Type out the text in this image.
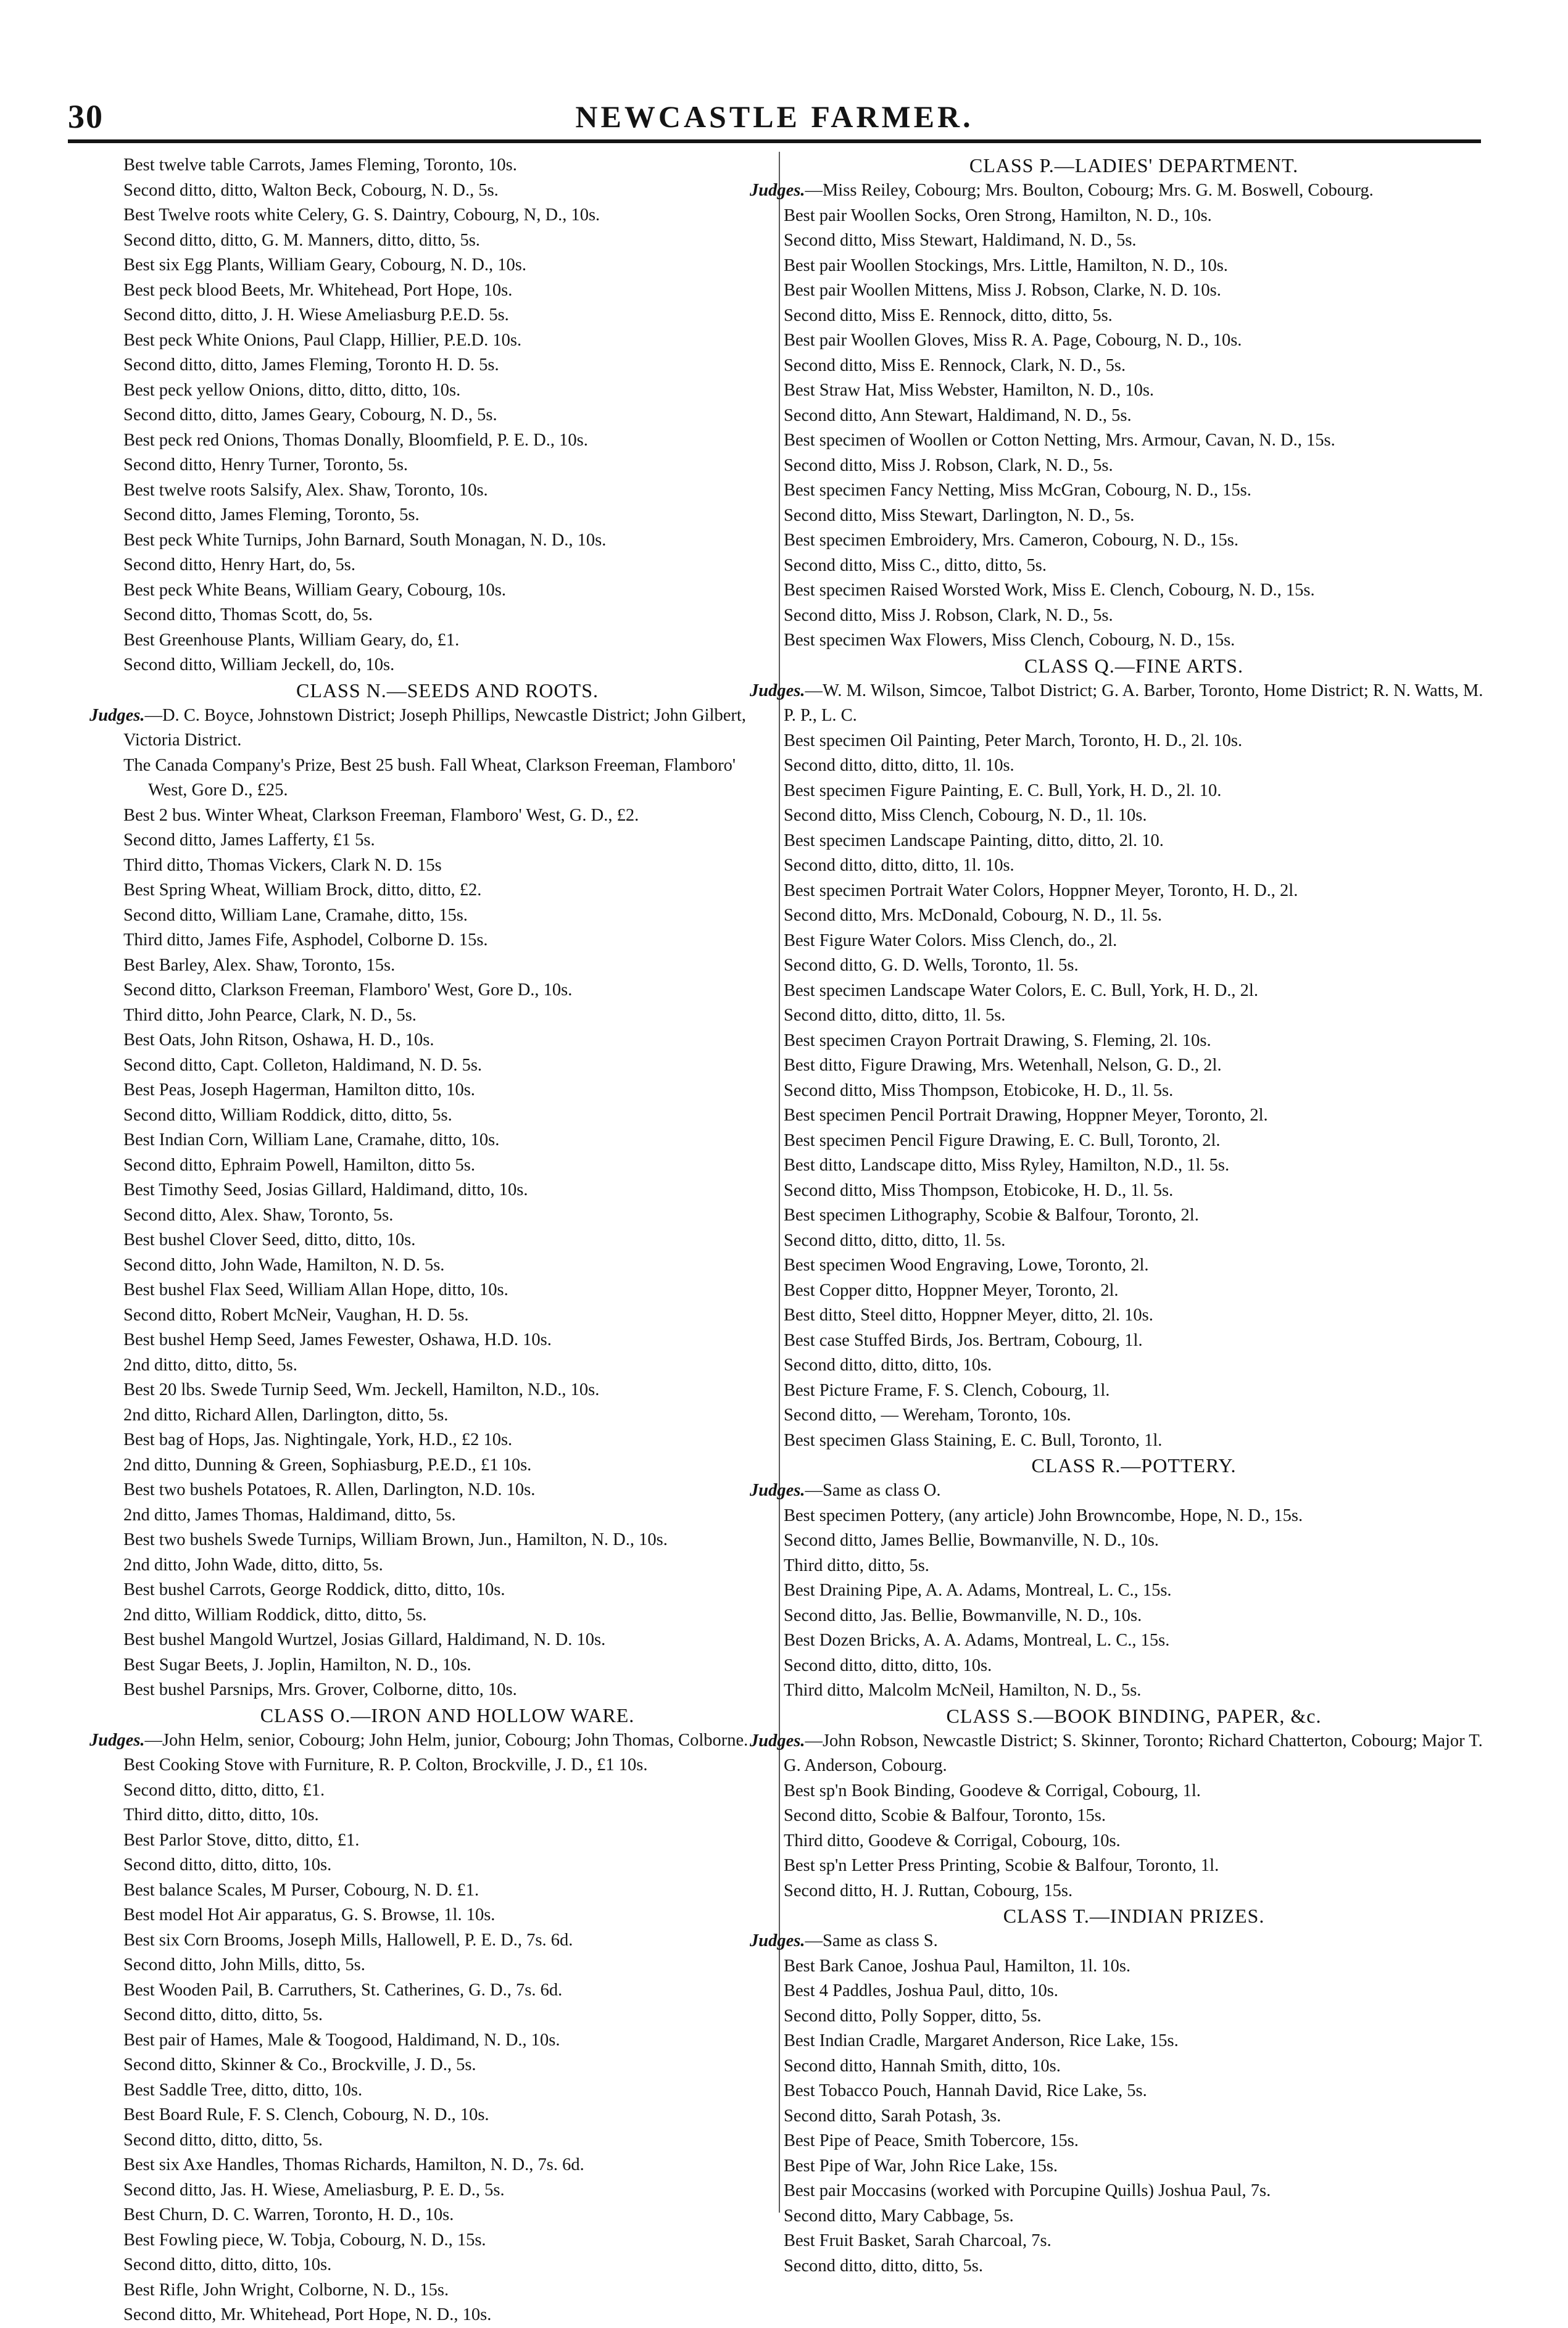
30	NEWCASTLE FARMER.
Best twelve table Carrots, James Fleming, Toronto, 10s.
Second ditto, ditto, Walton Beck, Cobourg, N. D., 5s.
Best Twelve roots white Celery, G. S. Daintry, Cobourg, N, D., 10s.
Second ditto, ditto, G. M. Manners, ditto, ditto, 5s.
Best six Egg Plants, William Geary, Cobourg, N. D., 10s.
Best peck blood Beets, Mr. Whitehead, Port Hope, 10s.
Second ditto, ditto, J. H. Wiese Ameliasburg P.E.D. 5s.
Best peck White Onions, Paul Clapp, Hillier, P.E.D. 10s.
Second ditto, ditto, James Fleming, Toronto H. D. 5s.
Best peck yellow Onions, ditto, ditto, ditto, 10s.
Second ditto, ditto, James Geary, Cobourg, N. D., 5s.
Best peck red Onions, Thomas Donally, Bloomfield, P. E. D., 10s.
Second ditto, Henry Turner, Toronto, 5s.
Best twelve roots Salsify, Alex. Shaw, Toronto, 10s.
Second ditto, James Fleming, Toronto, 5s.
Best peck White Turnips, John Barnard, South Monagan, N. D., 10s.
Second ditto, Henry Hart, do, 5s.
Best peck White Beans, William Geary, Cobourg, 10s.
Second ditto, Thomas Scott, do, 5s.
Best Greenhouse Plants, William Geary, do, £1.
Second ditto, William Jeckell, do, 10s.
CLASS N.—SEEDS AND ROOTS.
Judges.—D. C. Boyce, Johnstown District; Joseph Phillips, Newcastle District; John Gilbert, Victoria District.
The Canada Company's Prize, Best 25 bush. Fall Wheat, Clarkson Freeman, Flamboro' West, Gore D., £25.
Best 2 bus. Winter Wheat, Clarkson Freeman, Flamboro' West, G. D., £2.
Second ditto, James Lafferty, £1 5s.
Third ditto, Thomas Vickers, Clark N. D. 15s
Best Spring Wheat, William Brock, ditto, ditto, £2.
Second ditto, William Lane, Cramahe, ditto, 15s.
Third ditto, James Fife, Asphodel, Colborne D. 15s.
Best Barley, Alex. Shaw, Toronto, 15s.
Second ditto, Clarkson Freeman, Flamboro' West, Gore D., 10s.
Third ditto, John Pearce, Clark, N. D., 5s.
Best Oats, John Ritson, Oshawa, H. D., 10s.
Second ditto, Capt. Colleton, Haldimand, N. D. 5s.
Best Peas, Joseph Hagerman, Hamilton ditto, 10s.
Second ditto, William Roddick, ditto, ditto, 5s.
Best Indian Corn, William Lane, Cramahe, ditto, 10s.
Second ditto, Ephraim Powell, Hamilton, ditto 5s.
Best Timothy Seed, Josias Gillard, Haldimand, ditto, 10s.
Second ditto, Alex. Shaw, Toronto, 5s.
Best bushel Clover Seed, ditto, ditto, 10s.
Second ditto, John Wade, Hamilton, N. D. 5s.
Best bushel Flax Seed, William Allan Hope, ditto, 10s.
Second ditto, Robert McNeir, Vaughan, H. D. 5s.
Best bushel Hemp Seed, James Fewester, Oshawa, H.D. 10s.
2nd ditto, ditto, ditto, 5s.
Best 20 lbs. Swede Turnip Seed, Wm. Jeckell, Hamilton, N.D., 10s.
2nd ditto, Richard Allen, Darlington, ditto, 5s.
Best bag of Hops, Jas. Nightingale, York, H.D., £2 10s.
2nd ditto, Dunning & Green, Sophiasburg, P.E.D., £1 10s.
Best two bushels Potatoes, R. Allen, Darlington, N.D. 10s.
2nd ditto, James Thomas, Haldimand, ditto, 5s.
Best two bushels Swede Turnips, William Brown, Jun., Hamilton, N. D., 10s.
2nd ditto, John Wade, ditto, ditto, 5s.
Best bushel Carrots, George Roddick, ditto, ditto, 10s.
2nd ditto, William Roddick, ditto, ditto, 5s.
Best bushel Mangold Wurtzel, Josias Gillard, Haldimand, N. D. 10s.
Best Sugar Beets, J. Joplin, Hamilton, N. D., 10s.
Best bushel Parsnips, Mrs. Grover, Colborne, ditto, 10s.
CLASS O.—IRON AND HOLLOW WARE.
Judges.—John Helm, senior, Cobourg; John Helm, junior, Cobourg; John Thomas, Colborne.
Best Cooking Stove with Furniture, R. P. Colton, Brockville, J. D., £1 10s.
Second ditto, ditto, ditto, £1.
Third ditto, ditto, ditto, 10s.
Best Parlor Stove, ditto, ditto, £1.
Second ditto, ditto, ditto, 10s.
Best balance Scales, M Purser, Cobourg, N. D. £1.
Best model Hot Air apparatus, G. S. Browse, 1l. 10s.
Best six Corn Brooms, Joseph Mills, Hallowell, P. E. D., 7s. 6d.
Second ditto, John Mills, ditto, 5s.
Best Wooden Pail, B. Carruthers, St. Catherines, G. D., 7s. 6d.
Second ditto, ditto, ditto, 5s.
Best pair of Hames, Male & Toogood, Haldimand, N. D., 10s.
Second ditto, Skinner & Co., Brockville, J. D., 5s.
Best Saddle Tree, ditto, ditto, 10s.
Best Board Rule, F. S. Clench, Cobourg, N. D., 10s.
Second ditto, ditto, ditto, 5s.
Best six Axe Handles, Thomas Richards, Hamilton, N. D., 7s. 6d.
Second ditto, Jas. H. Wiese, Ameliasburg, P. E. D., 5s.
Best Churn, D. C. Warren, Toronto, H. D., 10s.
Best Fowling piece, W. Tobja, Cobourg, N. D., 15s.
Second ditto, ditto, ditto, 10s.
Best Rifle, John Wright, Colborne, N. D., 15s.
Second ditto, Mr. Whitehead, Port Hope, N. D., 10s.
CLASS P.—LADIES' DEPARTMENT.
Judges.—Miss Reiley, Cobourg; Mrs. Boulton, Cobourg; Mrs. G. M. Boswell, Cobourg.
Best pair Woollen Socks, Oren Strong, Hamilton, N. D., 10s.
Second ditto, Miss Stewart, Haldimand, N. D., 5s.
Best pair Woollen Stockings, Mrs. Little, Hamilton, N. D., 10s.
Best pair Woollen Mittens, Miss J. Robson, Clarke, N. D. 10s.
Second ditto, Miss E. Rennock, ditto, ditto, 5s.
Best pair Woollen Gloves, Miss R. A. Page, Cobourg, N. D., 10s.
Second ditto, Miss E. Rennock, Clark, N. D., 5s.
Best Straw Hat, Miss Webster, Hamilton, N. D., 10s.
Second ditto, Ann Stewart, Haldimand, N. D., 5s.
Best specimen of Woollen or Cotton Netting, Mrs. Armour, Cavan, N. D., 15s.
Second ditto, Miss J. Robson, Clark, N. D., 5s.
Best specimen Fancy Netting, Miss McGran, Cobourg, N. D., 15s.
Second ditto, Miss Stewart, Darlington, N. D., 5s.
Best specimen Embroidery, Mrs. Cameron, Cobourg, N. D., 15s.
Second ditto, Miss C., ditto, ditto, 5s.
Best specimen Raised Worsted Work, Miss E. Clench, Cobourg, N. D., 15s.
Second ditto, Miss J. Robson, Clark, N. D., 5s.
Best specimen Wax Flowers, Miss Clench, Cobourg, N. D., 15s.
CLASS Q.—FINE ARTS.
Judges.—W. M. Wilson, Simcoe, Talbot District; G. A. Barber, Toronto, Home District; R. N. Watts, M. P. P., L. C.
Best specimen Oil Painting, Peter March, Toronto, H. D., 2l. 10s.
Second ditto, ditto, ditto, 1l. 10s.
Best specimen Figure Painting, E. C. Bull, York, H. D., 2l. 10.
Second ditto, Miss Clench, Cobourg, N. D., 1l. 10s.
Best specimen Landscape Painting, ditto, ditto, 2l. 10.
Second ditto, ditto, ditto, 1l. 10s.
Best specimen Portrait Water Colors, Hoppner Meyer, Toronto, H. D., 2l.
Second ditto, Mrs. McDonald, Cobourg, N. D., 1l. 5s.
Best Figure Water Colors. Miss Clench, do., 2l.
Second ditto, G. D. Wells, Toronto, 1l. 5s.
Best specimen Landscape Water Colors, E. C. Bull, York, H. D., 2l.
Second ditto, ditto, ditto, 1l. 5s.
Best specimen Crayon Portrait Drawing, S. Fleming, 2l. 10s.
Best ditto, Figure Drawing, Mrs. Wetenhall, Nelson, G. D., 2l.
Second ditto, Miss Thompson, Etobicoke, H. D., 1l. 5s.
Best specimen Pencil Portrait Drawing, Hoppner Meyer, Toronto, 2l.
Best specimen Pencil Figure Drawing, E. C. Bull, Toronto, 2l.
Best ditto, Landscape ditto, Miss Ryley, Hamilton, N.D., 1l. 5s.
Second ditto, Miss Thompson, Etobicoke, H. D., 1l. 5s.
Best specimen Lithography, Scobie & Balfour, Toronto, 2l.
Second ditto, ditto, ditto, 1l. 5s.
Best specimen Wood Engraving, Lowe, Toronto, 2l.
Best Copper ditto, Hoppner Meyer, Toronto, 2l.
Best ditto, Steel ditto, Hoppner Meyer, ditto, 2l. 10s.
Best case Stuffed Birds, Jos. Bertram, Cobourg, 1l.
Second ditto, ditto, ditto, 10s.
Best Picture Frame, F. S. Clench, Cobourg, 1l.
Second ditto, — Wereham, Toronto, 10s.
Best specimen Glass Staining, E. C. Bull, Toronto, 1l.
CLASS R.—POTTERY.
Judges.—Same as class O.
Best specimen Pottery, (any article) John Browncombe, Hope, N. D., 15s.
Second ditto, James Bellie, Bowmanville, N. D., 10s.
Third ditto, ditto, 5s.
Best Draining Pipe, A. A. Adams, Montreal, L. C., 15s.
Second ditto, Jas. Bellie, Bowmanville, N. D., 10s.
Best Dozen Bricks, A. A. Adams, Montreal, L. C., 15s.
Second ditto, ditto, ditto, 10s.
Third ditto, Malcolm McNeil, Hamilton, N. D., 5s.
CLASS S.—BOOK BINDING, PAPER, &c.
Judges.—John Robson, Newcastle District; S. Skinner, Toronto; Richard Chatterton, Cobourg; Major T. G. Anderson, Cobourg.
Best sp'n Book Binding, Goodeve & Corrigal, Cobourg, 1l.
Second ditto, Scobie & Balfour, Toronto, 15s.
Third ditto, Goodeve & Corrigal, Cobourg, 10s.
Best sp'n Letter Press Printing, Scobie & Balfour, Toronto, 1l.
Second ditto, H. J. Ruttan, Cobourg, 15s.
CLASS T.—INDIAN PRIZES.
Judges.—Same as class S.
Best Bark Canoe, Joshua Paul, Hamilton, 1l. 10s.
Best 4 Paddles, Joshua Paul, ditto, 10s.
Second ditto, Polly Sopper, ditto, 5s.
Best Indian Cradle, Margaret Anderson, Rice Lake, 15s.
Second ditto, Hannah Smith, ditto, 10s.
Best Tobacco Pouch, Hannah David, Rice Lake, 5s.
Second ditto, Sarah Potash, 3s.
Best Pipe of Peace, Smith Tobercore, 15s.
Best Pipe of War, John Rice Lake, 15s.
Best pair Moccasins (worked with Porcupine Quills) Joshua Paul, 7s.
Second ditto, Mary Cabbage, 5s.
Best Fruit Basket, Sarah Charcoal, 7s.
Second ditto, ditto, ditto, 5s.
